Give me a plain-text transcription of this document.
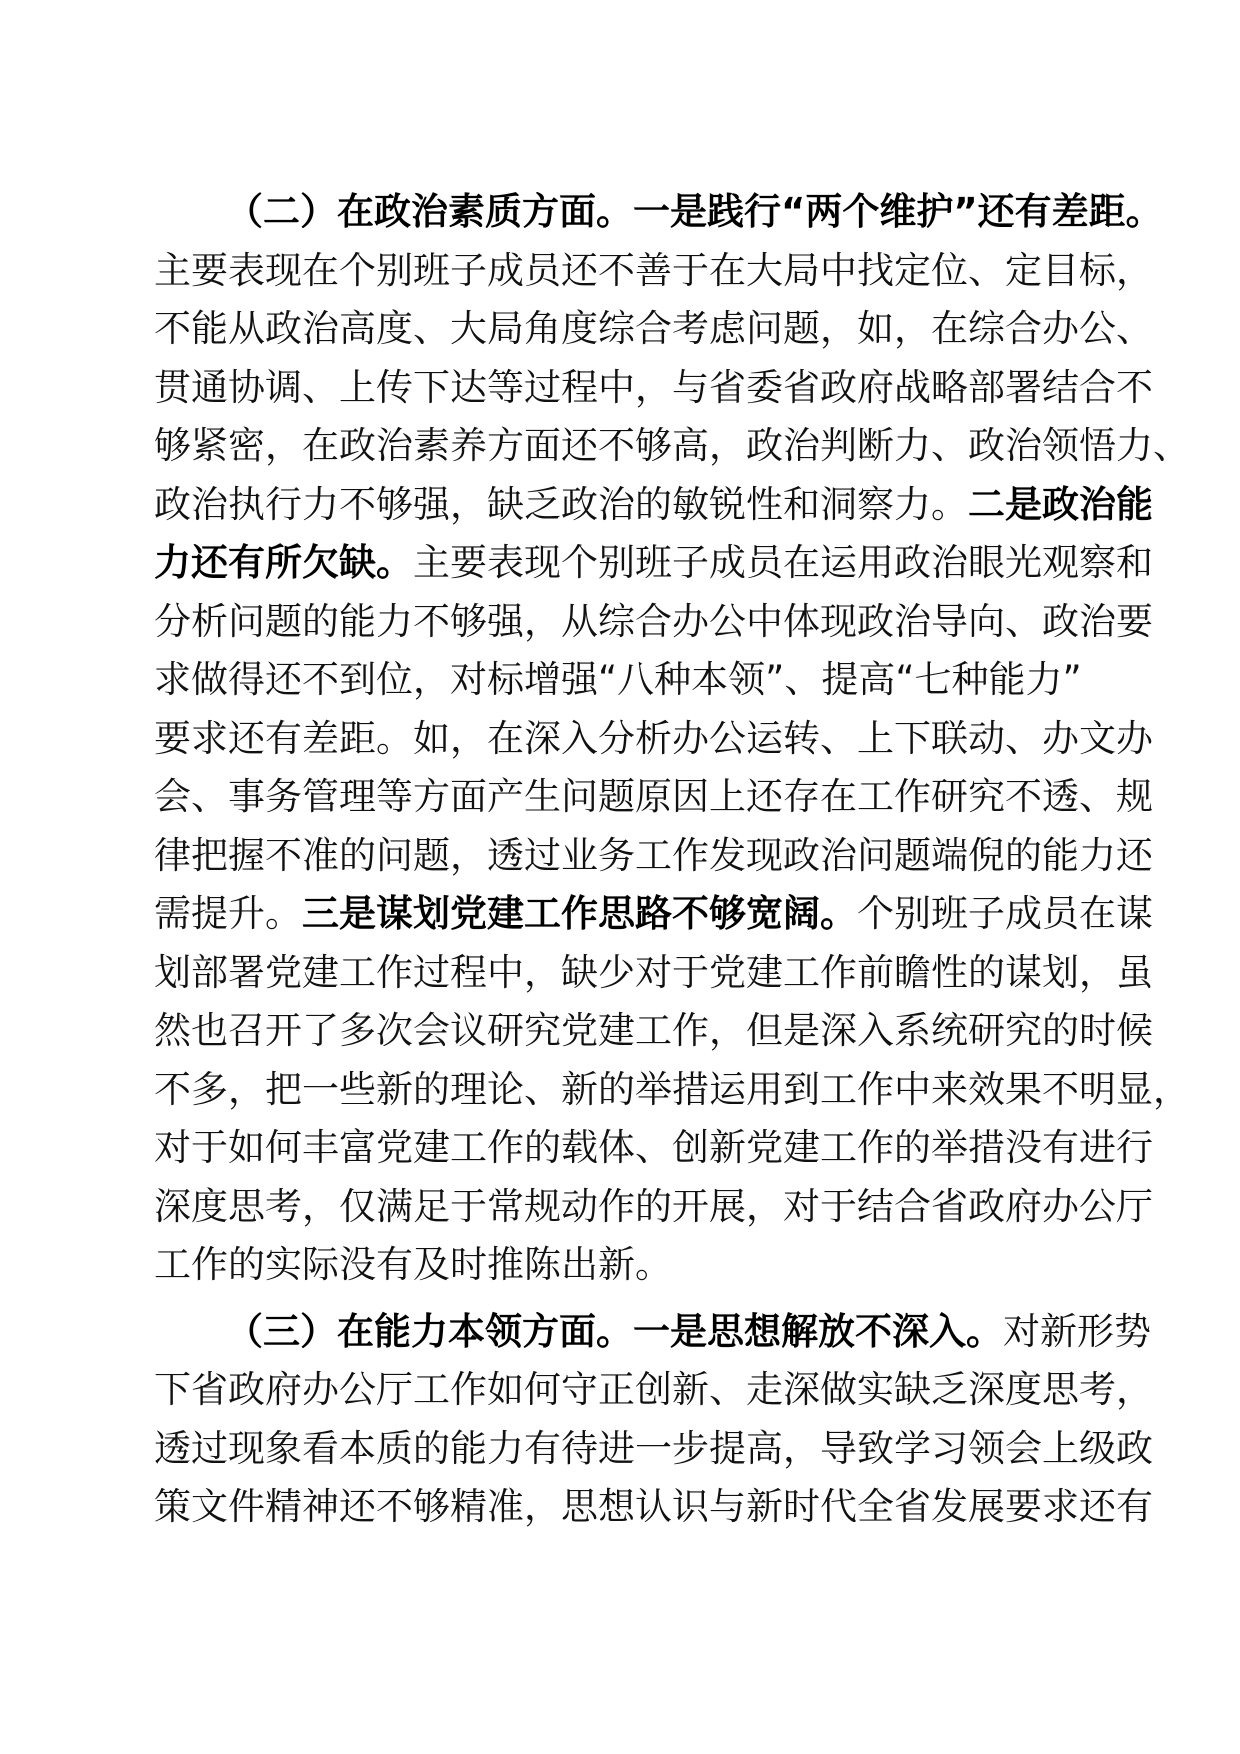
（二）在政治素质方面。一是践行“两个维护”还有差距。
主要表现在个别班子成员还不善于在大局中找定位、定目标，
不能从政治高度、大局角度综合考虑问题，如，在综合办公、
贯通协调、上传下达等过程中，与省委省政府战略部署结合不
够紧密，在政治素养方面还不够高，政治判断力、政治领悟力、
政治执行力不够强，缺乏政治的敏锐性和洞察力。二是政治能
力还有所欠缺。主要表现个别班子成员在运用政治眼光观察和
分析问题的能力不够强，从综合办公中体现政治导向、政治要
求做得还不到位，对标增强“八种本领”、提高“七种能力”
要求还有差距。如，在深入分析办公运转、上下联动、办文办
会、事务管理等方面产生问题原因上还存在工作研究不透、规
律把握不准的问题，透过业务工作发现政治问题端倪的能力还
需提升。三是谋划党建工作思路不够宽阔。个别班子成员在谋
划部署党建工作过程中，缺少对于党建工作前瞻性的谋划，虽
然也召开了多次会议研究党建工作，但是深入系统研究的时候
不多，把一些新的理论、新的举措运用到工作中来效果不明显，
对于如何丰富党建工作的载体、创新党建工作的举措没有进行
深度思考，仅满足于常规动作的开展，对于结合省政府办公厅
工作的实际没有及时推陈出新。
（三）在能力本领方面。一是思想解放不深入。对新形势
下省政府办公厅工作如何守正创新、走深做实缺乏深度思考，
透过现象看本质的能力有待进一步提高，导致学习领会上级政
策文件精神还不够精准，思想认识与新时代全省发展要求还有
